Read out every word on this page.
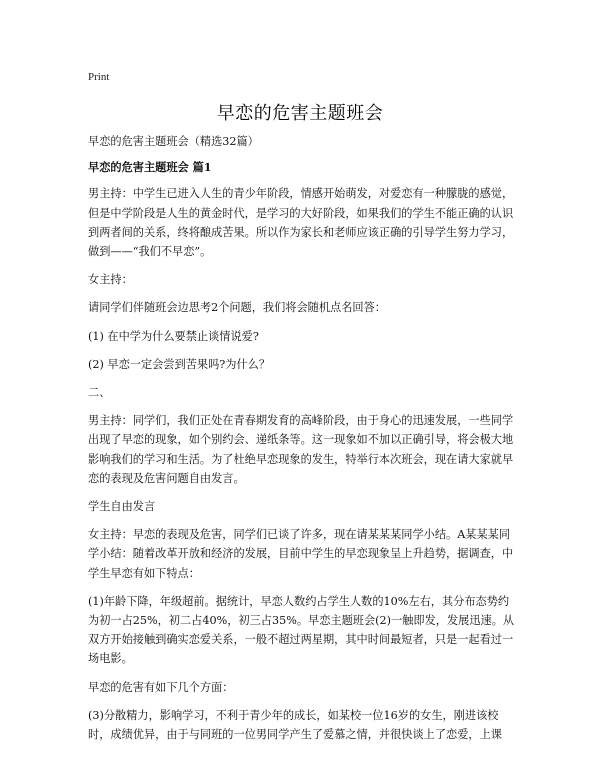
Print
早恋的危害主题班会

早恋的危害主题班会（精选32篇）

早恋的危害主题班会 篇1

男主持：中学生已进入人生的青少年阶段，情感开始萌发，对爱恋有一种朦胧的感觉，但是中学阶段是人生的黄金时代，是学习的大好阶段，如果我们的学生不能正确的认识到两者间的关系，终将酿成苦果。所以作为家长和老师应该正确的引导学生努力学习，做到——“我们不早恋”。

女主持：

请同学们伴随班会边思考2个问题，我们将会随机点名回答：

(1) 在中学为什么要禁止谈情说爱?

(2) 早恋一定会尝到苦果吗?为什么？

二、

男主持：同学们，我们正处在青春期发育的高峰阶段，由于身心的迅速发展，一些同学出现了早恋的现象，如个别约会、递纸条等。这一现象如不加以正确引导，将会极大地影响我们的学习和生活。为了杜绝早恋现象的发生，特举行本次班会，现在请大家就早恋的表现及危害问题自由发言。

学生自由发言

女主持：早恋的表现及危害，同学们已谈了许多，现在请某某某同学小结。A某某某同学小结：随着改革开放和经济的发展，目前中学生的早恋现象呈上升趋势，据调查，中学生早恋有如下特点：

(1)年龄下降，年级超前。据统计，早恋人数约占学生人数的10%左右，其分布态势约为初一占25%，初二占40%，初三占35%。早恋主题班会(2)一触即发，发展迅速。从双方开始接触到确实恋爱关系，一般不超过两星期，其中时间最短者，只是一起看过一场电影。

早恋的危害有如下几个方面：

(3)分散精力，影响学习，不利于青少年的成长，如某校一位16岁的女生，刚进该校时，成绩优异，由于与同班的一位男同学产生了爱慕之情，并很快谈上了恋爱，上课
